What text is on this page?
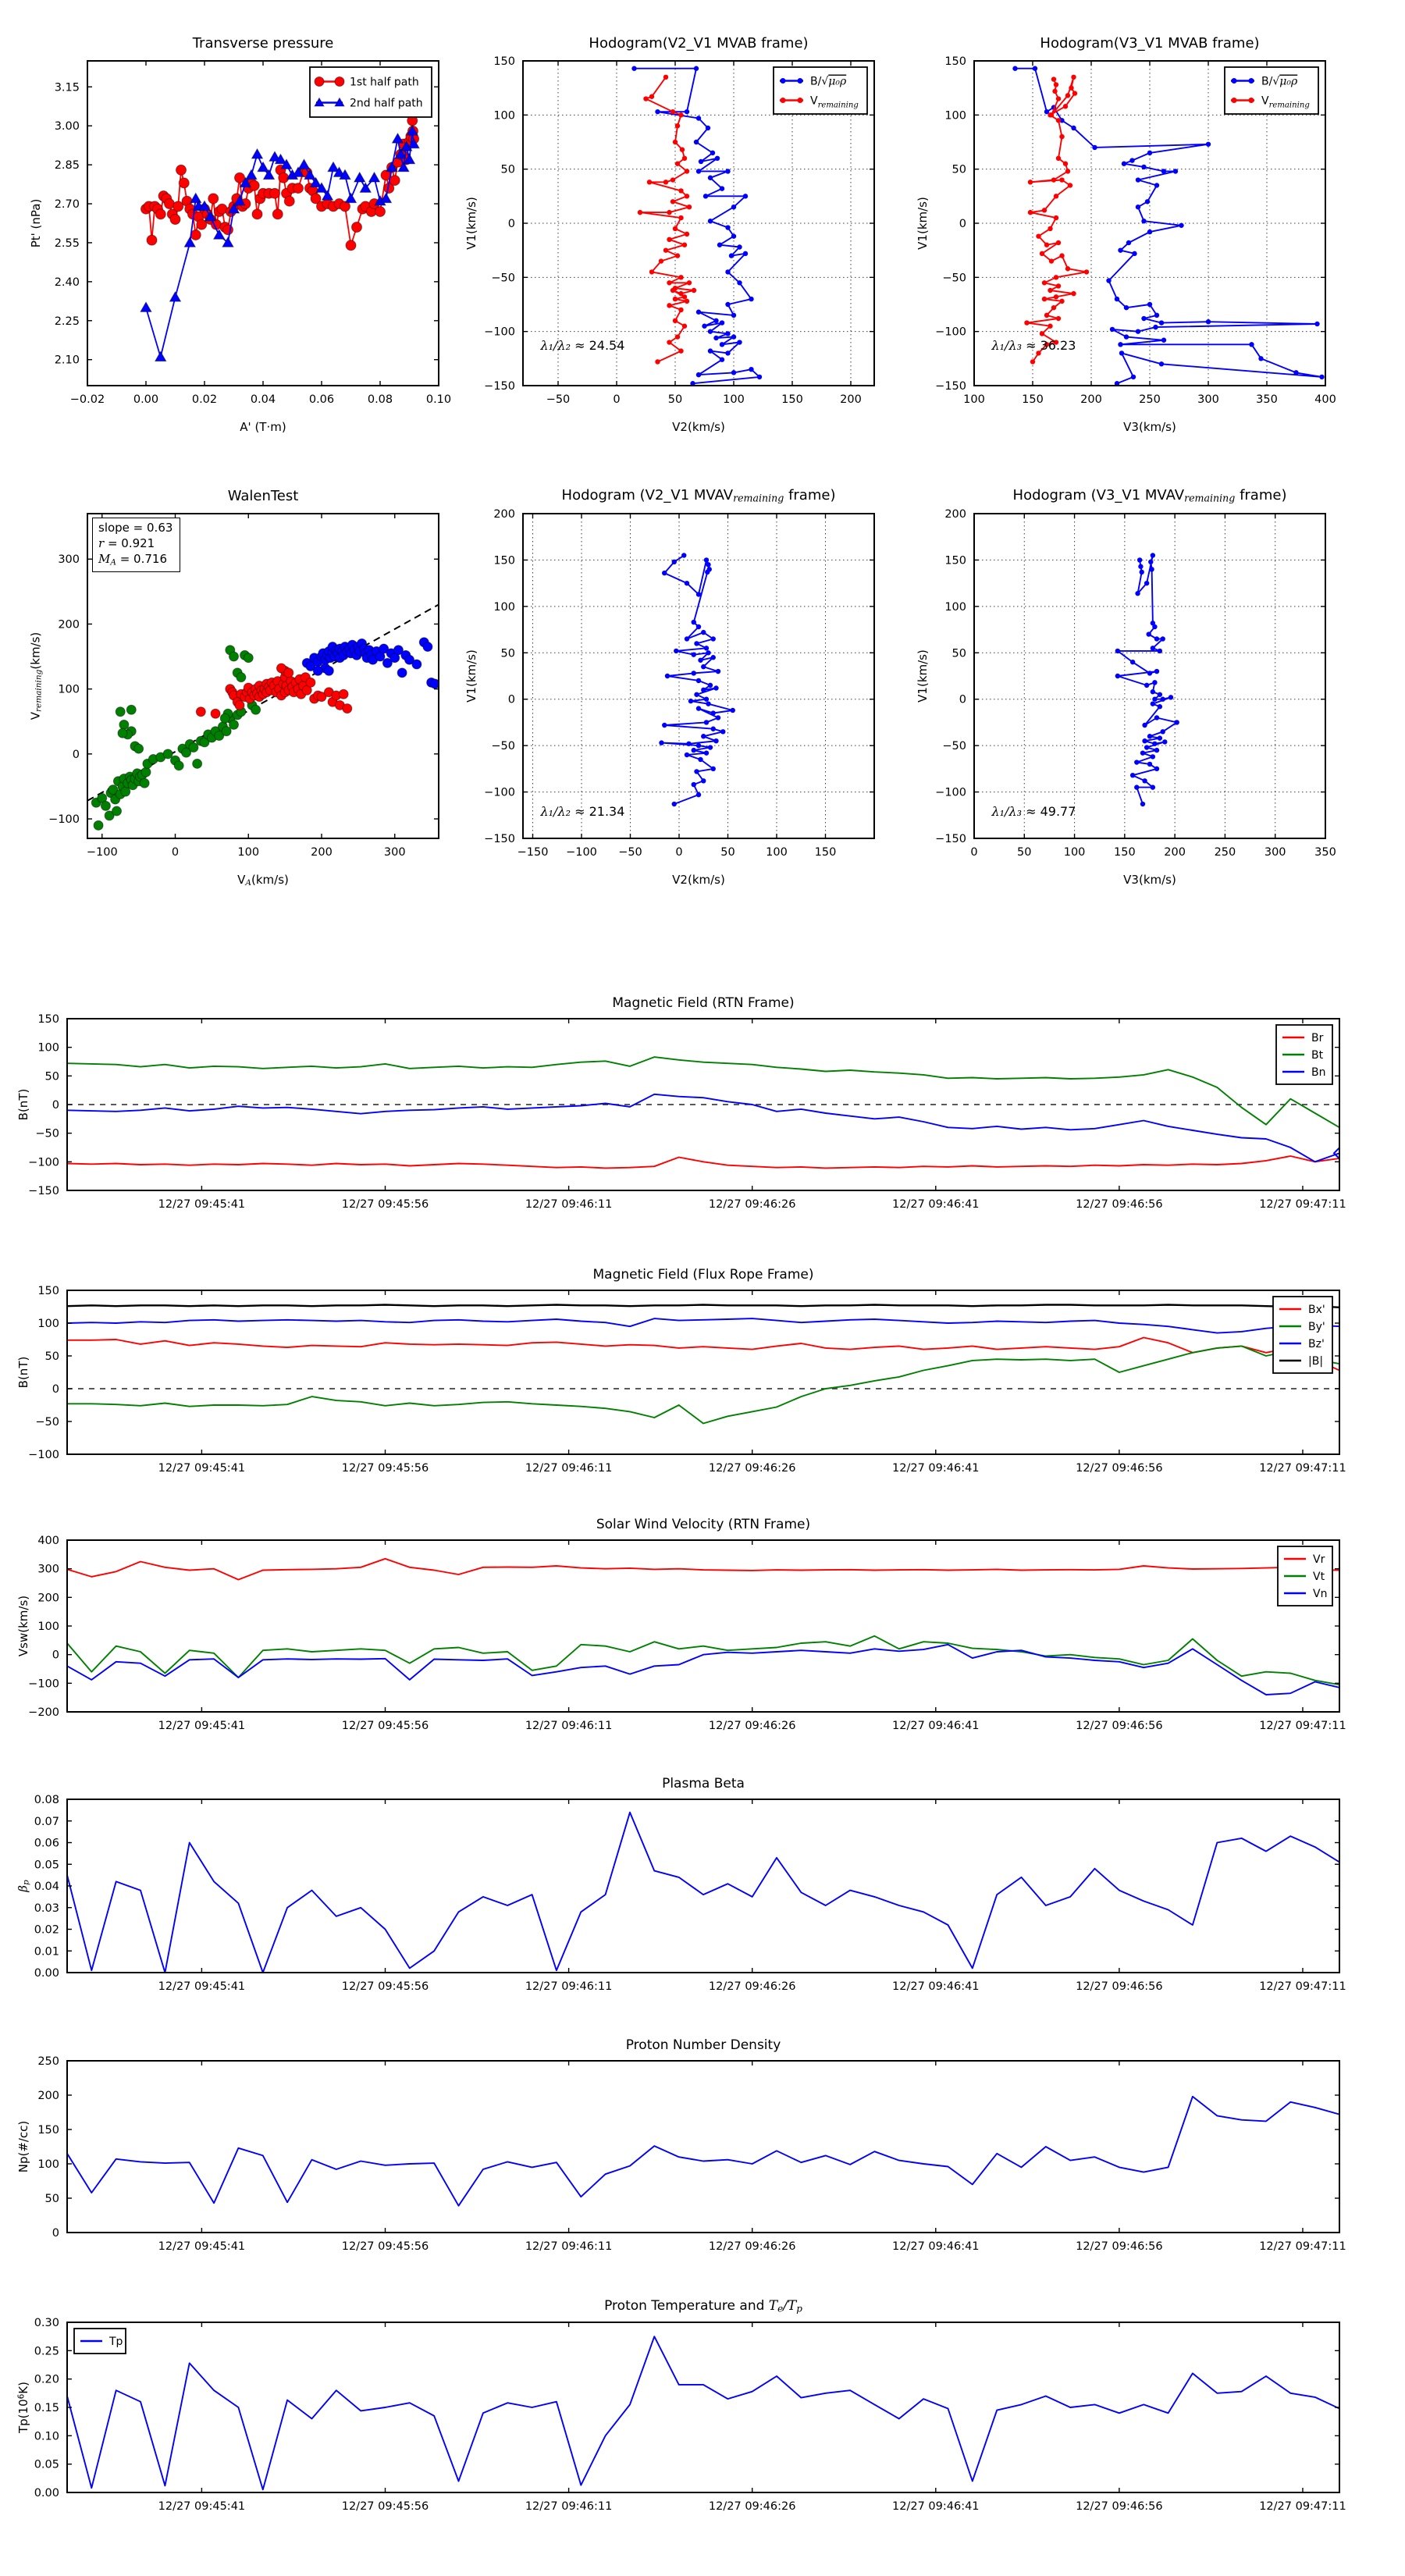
Transverse pressure
A' (T·m)
Pt' (nPa)
−0.02	0.00	0.02	0.04	0.06	0.08	0.10
2.10
2.25
2.40
2.55
2.70
2.85
3.00
3.15	1st half path
2nd half path
Hodogram(V2_V1 MVAB frame)
V2(km/s)
V1(km/s)
−50	0	50	100	150	200
−150
−100
−50
0
50
100
150
λ₁/λ₂ ≈ 24.54
B/√μ₀ρ
$V_{remaining}$
Hodogram(V3_V1 MVAB frame)
V3(km/s)
V1(km/s)
100	150	200	250	300	350	400
−150
−100
−50
0
50
100
150
λ₁/λ₃ ≈ 36.23
B/√μ₀ρ
$V_{remaining}$
WalenTest
VA(km/s)
Vremaining(km/s)
slope = 0.63
r = 0.921
MA = 0.716
−100	0	100	200	300
−100
0
100
200
300
Hodogram (V2_V1 MVAVremaining frame)
V2(km/s)
V1(km/s)
−150 −100 −50	0	50	100 150
−150
−100
−50
0
50
100
150
200
λ₁/λ₂ ≈ 21.34
Hodogram (V3_V1 MVAVremaining frame)
V3(km/s)
V1(km/s)
0	50	100	150	200	250	300	350
−150
−100
−50
0
50
100
150
200
λ₁/λ₃ ≈ 49.77
Magnetic Field (RTN Frame)
B(nT)
12/27 09:45:41	12/27 09:45:56	12/27 09:46:11	12/27 09:46:26	12/27 09:46:41	12/27 09:46:56	12/27 09:47:11
−150
−100
−50
0
50
100
150
Br
Bt
Bn
Magnetic Field (Flux Rope Frame)
B(nT)
12/27 09:45:41	12/27 09:45:56	12/27 09:46:11	12/27 09:46:26	12/27 09:46:41	12/27 09:46:56	12/27 09:47:11
−100
−50
0
50
100
150
Bx'
By'
Bz'
|B|
Solar Wind Velocity (RTN Frame)
Vsw(km/s)
12/27 09:45:41	12/27 09:45:56	12/27 09:46:11	12/27 09:46:26	12/27 09:46:41	12/27 09:46:56	12/27 09:47:11
−200
−100
0
100
200
300
400
Vr
Vt
Vn
Plasma Beta
βp
12/27 09:45:41	12/27 09:45:56	12/27 09:46:11	12/27 09:46:26	12/27 09:46:41	12/27 09:46:56	12/27 09:47:11
0.00
0.01
0.02
0.03
0.04
0.05
0.06
0.07
0.08
Proton Number Density
Np(#/cc)
12/27 09:45:41	12/27 09:45:56	12/27 09:46:11	12/27 09:46:26	12/27 09:46:41	12/27 09:46:56	12/27 09:47:11
0
50
100
150
200
250
Proton Temperature and Te/Tp
$Tp(10^6K)$
12/27 09:45:41	12/27 09:45:56	12/27 09:46:11	12/27 09:46:26	12/27 09:46:41	12/27 09:46:56	12/27 09:47:11
0.00
0.05
0.10
0.15
0.20
0.25
0.30
Tp
